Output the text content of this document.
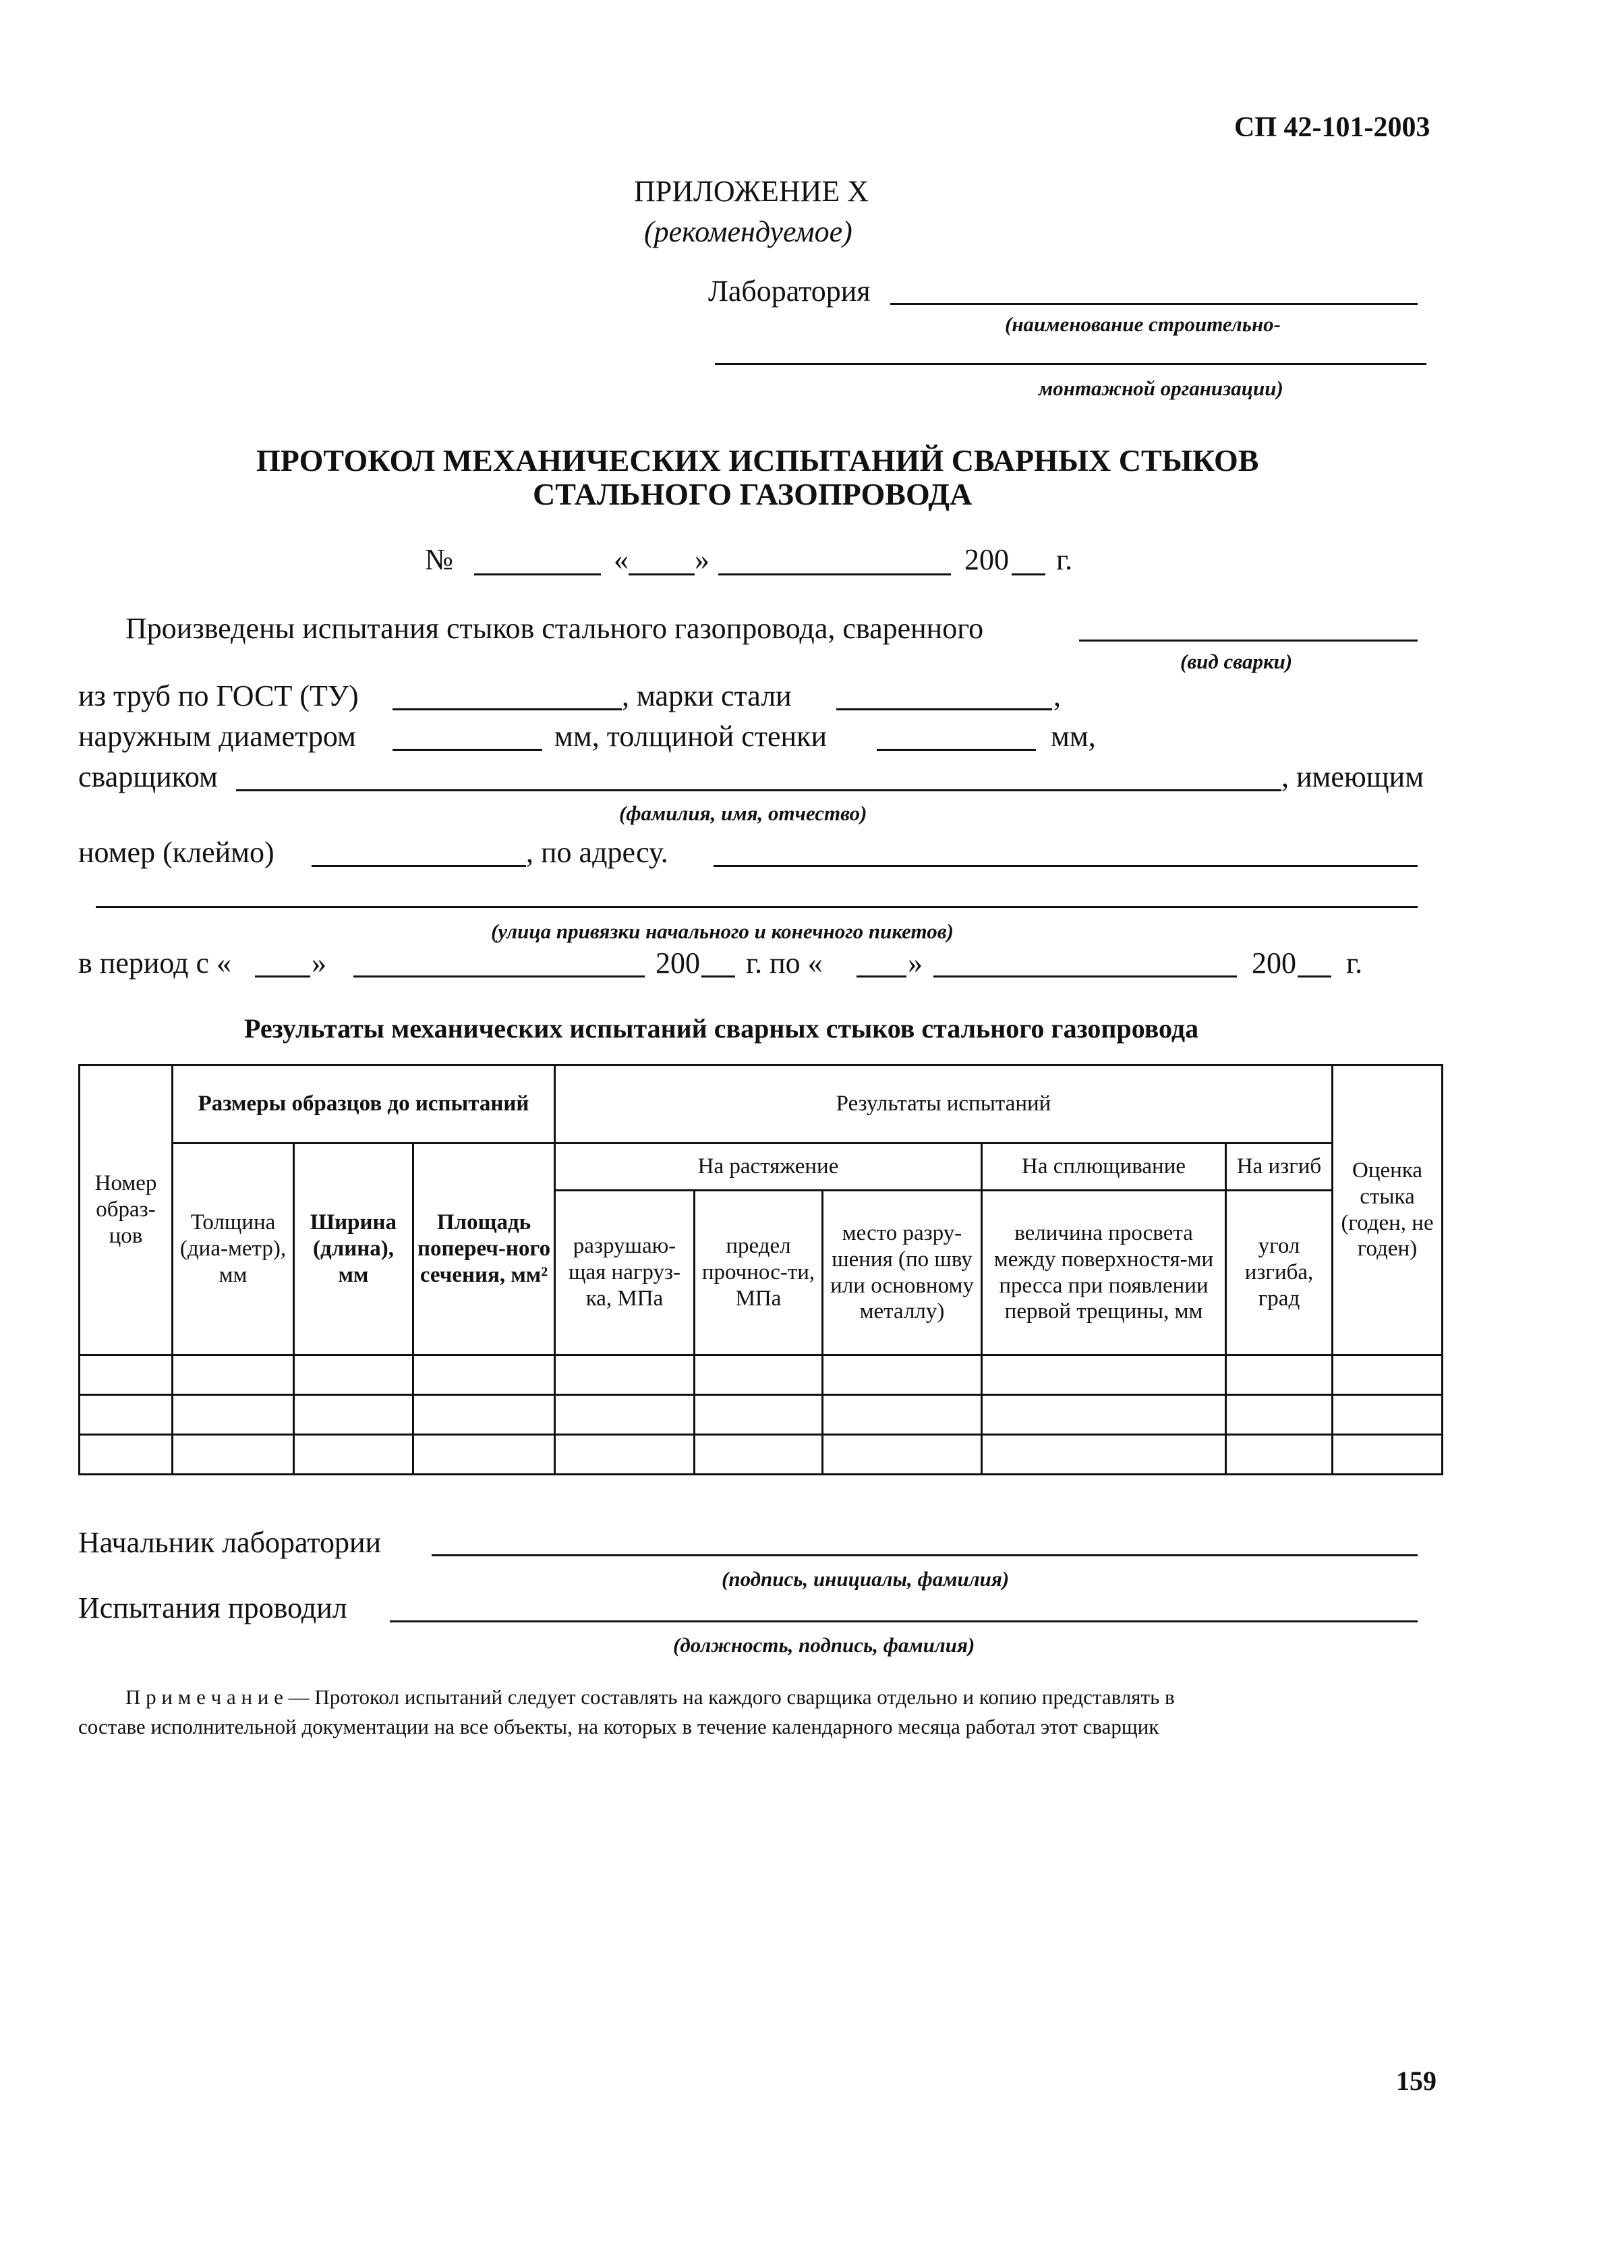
СП 42-101-2003
ПРИЛОЖЕНИЕ Х
(рекомендуемое)
Лаборатория
(наименование строительно-
монтажной организации)
ПРОТОКОЛ МЕХАНИЧЕСКИХ ИСПЫТАНИЙ СВАРНЫХ СТЫКОВ
СТАЛЬНОГО ГАЗОПРОВОДА
№	« »	200 г.
Произведены испытания стыков стального газопровода, сваренного
(вид сварки)
из труб по ГОСТ (ТУ)	, марки стали	,
наружным диаметром	мм, толщиной стенки	мм,
сварщиком	, имеющим
(фамилия, имя, отчество)
номер (клеймо)	, по адресу.
(улица привязки начального и конечного пикетов)
в период с «	»	200 г. по «	»	200 г.
Результаты механических испытаний сварных стыков стального газопровода
Номер образ-цов	Размеры образцов до испытаний			Результаты испытаний					Оценка стыка (годен, не годен)
	Толщина (диа-метр), мм	Ширина (длина), мм	Площадь попереч-ного сечения, мм²	На растяжение			На сплющивание	На изгиб	
				разрушаю-щая нагруз-ка, МПа	предел прочнос-ти, МПа	место разру-шения (по шву или основному металлу)	величина просвета между поверхностя-ми пресса при появлении первой трещины, мм	угол изгиба, град	

Начальник лаборатории
(подпись, инициалы, фамилия)
Испытания проводил
(должность, подпись, фамилия)
П р и м е ч а н и е — Протокол испытаний следует составлять на каждого сварщика отдельно и копию представлять в
составе исполнительной документации на все объекты, на которых в течение календарного месяца работал этот сварщик
159
